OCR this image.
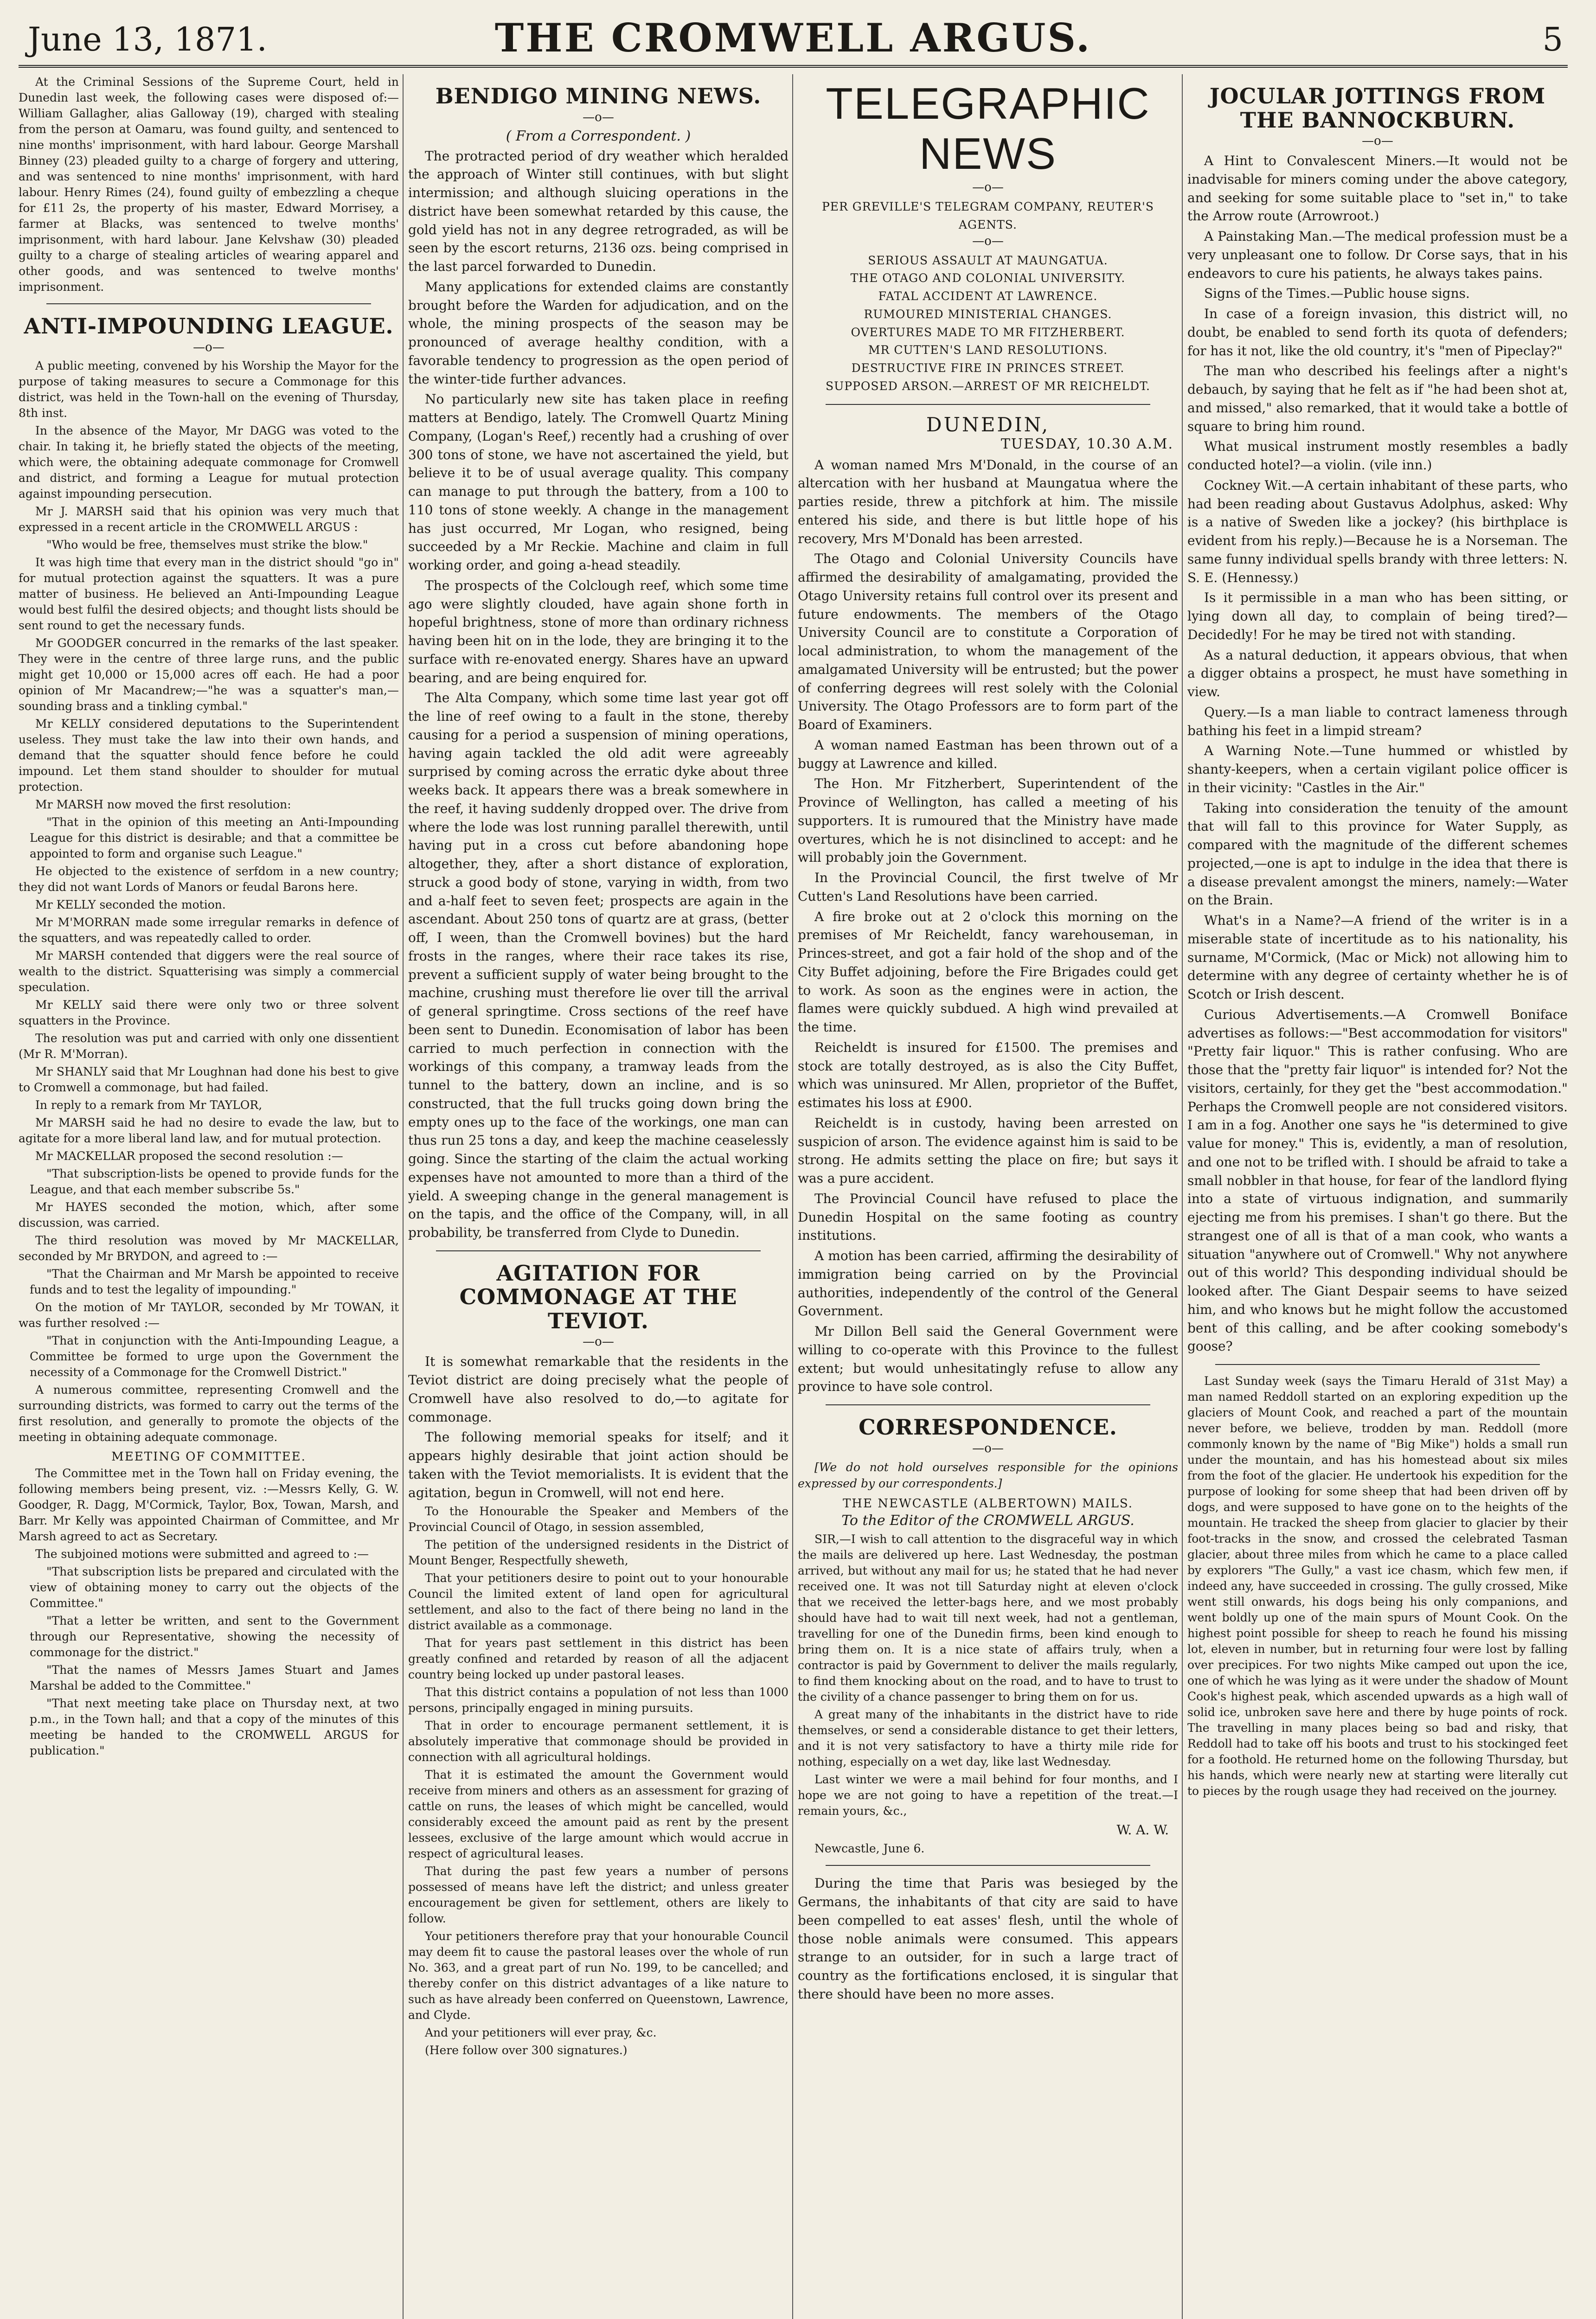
June 13, 1871.	THE CROMWELL ARGUS.	5

At the Criminal Sessions of the Supreme Court, held in Dunedin last week, the following cases were disposed of:—William Gallagher, alias Galloway (19), charged with stealing from the person at Oamaru, was found guilty, and sentenced to nine months' imprisonment, with hard labour. George Marshall Binney (23) pleaded guilty to a charge of forgery and uttering, and was sentenced to nine months' imprisonment, with hard labour. Henry Rimes (24), found guilty of embezzling a cheque for £11 2s, the property of his master, Edward Morrisey, a farmer at Blacks, was sentenced to twelve months' imprisonment, with hard labour. Jane Kelvshaw (30) pleaded guilty to a charge of stealing articles of wearing apparel and other goods, and was sentenced to twelve months' imprisonment.

ANTI-IMPOUNDING LEAGUE.
—o—

A public meeting, convened by his Worship the Mayor for the purpose of taking measures to secure a Commonage for this district, was held in the Town-hall on the evening of Thursday, 8th inst.

In the absence of the Mayor, Mr DAGG was voted to the chair. In taking it, he briefly stated the objects of the meeting, which were, the obtaining adequate commonage for Cromwell and district, and forming a League for mutual protection against impounding persecution.

Mr J. MARSH said that his opinion was very much that expressed in a recent article in the CROMWELL ARGUS :

"Who would be free, themselves must strike the blow."

It was high time that every man in the district should "go in" for mutual protection against the squatters. It was a pure matter of business. He believed an Anti-Impounding League would best fulfil the desired objects; and thought lists should be sent round to get the necessary funds.

Mr GOODGER concurred in the remarks of the last speaker. They were in the centre of three large runs, and the public might get 10,000 or 15,000 acres off each. He had a poor opinion of Mr Macandrew;—"he was a squatter's man,—sounding brass and a tinkling cymbal."

Mr KELLY considered deputations to the Superintendent useless. They must take the law into their own hands, and demand that the squatter should fence before he could impound. Let them stand shoulder to shoulder for mutual protection.

Mr MARSH now moved the first resolution:

"That in the opinion of this meeting an Anti-Impounding League for this district is desirable; and that a committee be appointed to form and organise such League."

He objected to the existence of serfdom in a new country; they did not want Lords of Manors or feudal Barons here.

Mr KELLY seconded the motion.

Mr M'MORRAN made some irregular remarks in defence of the squatters, and was repeatedly called to order.

Mr MARSH contended that diggers were the real source of wealth to the district. Squatterising was simply a commercial speculation.

Mr KELLY said there were only two or three solvent squatters in the Province.

The resolution was put and carried with only one dissentient (Mr R. M'Morran).

Mr SHANLY said that Mr Loughnan had done his best to give to Cromwell a commonage, but had failed.

In reply to a remark from Mr TAYLOR,

Mr MARSH said he had no desire to evade the law, but to agitate for a more liberal land law, and for mutual protection.

Mr MACKELLAR proposed the second resolution :—

"That subscription-lists be opened to provide funds for the League, and that each member subscribe 5s."

Mr HAYES seconded the motion, which, after some discussion, was carried.

The third resolution was moved by Mr MACKELLAR, seconded by Mr BRYDON, and agreed to :—

"That the Chairman and Mr Marsh be appointed to receive funds and to test the legality of impounding."

On the motion of Mr TAYLOR, seconded by Mr TOWAN, it was further resolved :—

"That in conjunction with the Anti-Impounding League, a Committee be formed to urge upon the Government the necessity of a Commonage for the Cromwell District."

A numerous committee, representing Cromwell and the surrounding districts, was formed to carry out the terms of the first resolution, and generally to promote the objects of the meeting in obtaining adequate commonage.

MEETING OF COMMITTEE.

The Committee met in the Town hall on Friday evening, the following members being present, viz. :—Messrs Kelly, G. W. Goodger, R. Dagg, M'Cormick, Taylor, Box, Towan, Marsh, and Barr. Mr Kelly was appointed Chairman of Committee, and Mr Marsh agreed to act as Secretary.

The subjoined motions were submitted and agreed to :—

"That subscription lists be prepared and circulated with the view of obtaining money to carry out the objects of the Committee."

"That a letter be written, and sent to the Government through our Representative, showing the necessity of commonage for the district."

"That the names of Messrs James Stuart and James Marshal be added to the Committee."

"That next meeting take place on Thursday next, at two p.m., in the Town hall; and that a copy of the minutes of this meeting be handed to the CROMWELL ARGUS for publication."

BENDIGO MINING NEWS.
—o—
( From a Correspondent. )

The protracted period of dry weather which heralded the approach of Winter still continues, with but slight intermission; and although sluicing operations in the district have been somewhat retarded by this cause, the gold yield has not in any degree retrograded, as will be seen by the escort returns, 2136 ozs. being comprised in the last parcel forwarded to Dunedin.

Many applications for extended claims are constantly brought before the Warden for adjudication, and on the whole, the mining prospects of the season may be pronounced of average healthy condition, with a favorable tendency to progression as the open period of the winter-tide further advances.

No particularly new site has taken place in reefing matters at Bendigo, lately. The Cromwell Quartz Mining Company, (Logan's Reef,) recently had a crushing of over 300 tons of stone, we have not ascertained the yield, but believe it to be of usual average quality. This company can manage to put through the battery, from a 100 to 110 tons of stone weekly. A change in the management has just occurred, Mr Logan, who resigned, being succeeded by a Mr Reckie. Machine and claim in full working order, and going a-head steadily.

The prospects of the Colclough reef, which some time ago were slightly clouded, have again shone forth in hopeful brightness, stone of more than ordinary richness having been hit on in the lode, they are bringing it to the surface with re-enovated energy. Shares have an upward bearing, and are being enquired for.

The Alta Company, which some time last year got off the line of reef owing to a fault in the stone, thereby causing for a period a suspension of mining operations, having again tackled the old adit were agreeably surprised by coming across the erratic dyke about three weeks back. It appears there was a break somewhere in the reef, it having suddenly dropped over. The drive from where the lode was lost running parallel therewith, until having put in a cross cut before abandoning hope altogether, they, after a short distance of exploration, struck a good body of stone, varying in width, from two and a-half feet to seven feet; prospects are again in the ascendant. About 250 tons of quartz are at grass, (better off, I ween, than the Cromwell bovines) but the hard frosts in the ranges, where their race takes its rise, prevent a sufficient supply of water being brought to the machine, crushing must therefore lie over till the arrival of general springtime. Cross sections of the reef have been sent to Dunedin. Economisation of labor has been carried to much perfection in connection with the workings of this company, a tramway leads from the tunnel to the battery, down an incline, and is so constructed, that the full trucks going down bring the empty ones up to the face of the workings, one man can thus run 25 tons a day, and keep the machine ceaselessly going. Since the starting of the claim the actual working expenses have not amounted to more than a third of the yield. A sweeping change in the general management is on the tapis, and the office of the Company, will, in all probability, be transferred from Clyde to Dunedin.

AGITATION FOR COMMONAGE AT THE TEVIOT.
—o—

It is somewhat remarkable that the residents in the Teviot district are doing precisely what the people of Cromwell have also resolved to do,—to agitate for commonage.

The following memorial speaks for itself; and it appears highly desirable that joint action should be taken with the Teviot memorialists. It is evident that the agitation, begun in Cromwell, will not end here.

To the Honourable the Speaker and Members of the Provincial Council of Otago, in session assembled,

The petition of the undersigned residents in the District of Mount Benger, Respectfully sheweth,

That your petitioners desire to point out to your honourable Council the limited extent of land open for agricultural settlement, and also to the fact of there being no land in the district available as a commonage.

That for years past settlement in this district has been greatly confined and retarded by reason of all the adjacent country being locked up under pastoral leases.

That this district contains a population of not less than 1000 persons, principally engaged in mining pursuits.

That in order to encourage permanent settlement, it is absolutely imperative that commonage should be provided in connection with all agricultural holdings.

That it is estimated the amount the Government would receive from miners and others as an assessment for grazing of cattle on runs, the leases of which might be cancelled, would considerably exceed the amount paid as rent by the present lessees, exclusive of the large amount which would accrue in respect of agricultural leases.

That during the past few years a number of persons possessed of means have left the district; and unless greater encouragement be given for settlement, others are likely to follow.

Your petitioners therefore pray that your honourable Council may deem fit to cause the pastoral leases over the whole of run No. 363, and a great part of run No. 199, to be cancelled; and thereby confer on this district advantages of a like nature to such as have already been conferred on Queenstown, Lawrence, and Clyde.

And your petitioners will ever pray, &c.

(Here follow over 300 signatures.)

TELEGRAPHIC NEWS
—o—
PER GREVILLE'S TELEGRAM COMPANY, REUTER'S AGENTS.
—o—
SERIOUS ASSAULT AT MAUNGATUA.
THE OTAGO AND COLONIAL UNIVERSITY.
FATAL ACCIDENT AT LAWRENCE.
RUMOURED MINISTERIAL CHANGES.
OVERTURES MADE TO MR FITZHERBERT.
MR CUTTEN'S LAND RESOLUTIONS.
DESTRUCTIVE FIRE IN PRINCES STREET.
SUPPOSED ARSON.—ARREST OF MR REICHELDT.
DUNEDIN,
TUESDAY, 10.30 A.M.

A woman named Mrs M'Donald, in the course of an altercation with her husband at Maungatua where the parties reside, threw a pitchfork at him. The missile entered his side, and there is but little hope of his recovery, Mrs M'Donald has been arrested.

The Otago and Colonial University Councils have affirmed the desirability of amalgamating, provided the Otago University retains full control over its present and future endowments. The members of the Otago University Council are to constitute a Corporation of local administration, to whom the management of the amalgamated University will be entrusted; but the power of conferring degrees will rest solely with the Colonial University. The Otago Professors are to form part of the Board of Examiners.

A woman named Eastman has been thrown out of a buggy at Lawrence and killed.

The Hon. Mr Fitzherbert, Superintendent of the Province of Wellington, has called a meeting of his supporters. It is rumoured that the Ministry have made overtures, which he is not disinclined to accept: and he will probably join the Government.

In the Provincial Council, the first twelve of Mr Cutten's Land Resolutions have been carried.

A fire broke out at 2 o'clock this morning on the premises of Mr Reicheldt, fancy warehouseman, in Princes-street, and got a fair hold of the shop and of the City Buffet adjoining, before the Fire Brigades could get to work. As soon as the engines were in action, the flames were quickly subdued. A high wind prevailed at the time.

Reicheldt is insured for £1500. The premises and stock are totally destroyed, as is also the City Buffet, which was uninsured. Mr Allen, proprietor of the Buffet, estimates his loss at £900.

Reicheldt is in custody, having been arrested on suspicion of arson. The evidence against him is said to be strong. He admits setting the place on fire; but says it was a pure accident.

The Provincial Council have refused to place the Dunedin Hospital on the same footing as country institutions.

A motion has been carried, affirming the desirability of immigration being carried on by the Provincial authorities, independently of the control of the General Government.

Mr Dillon Bell said the General Government were willing to co-operate with this Province to the fullest extent; but would unhesitatingly refuse to allow any province to have sole control.

CORRESPONDENCE.
—o—

[We do not hold ourselves responsible for the opinions expressed by our correspondents.]

THE NEWCASTLE (ALBERTOWN) MAILS.
To the Editor of the CROMWELL ARGUS.

SIR,—I wish to call attention to the disgraceful way in which the mails are delivered up here. Last Wednesday, the postman arrived, but without any mail for us; he stated that he had never received one. It was not till Saturday night at eleven o'clock that we received the letter-bags here, and we most probably should have had to wait till next week, had not a gentleman, travelling for one of the Dunedin firms, been kind enough to bring them on. It is a nice state of affairs truly, when a contractor is paid by Government to deliver the mails regularly, to find them knocking about on the road, and to have to trust to the civility of a chance passenger to bring them on for us.

A great many of the inhabitants in the district have to ride themselves, or send a considerable distance to get their letters, and it is not very satisfactory to have a thirty mile ride for nothing, especially on a wet day, like last Wednesday.

Last winter we were a mail behind for four months, and I hope we are not going to have a repetition of the treat.—I remain yours, &c.,

W. A. W.

Newcastle, June 6.

During the time that Paris was besieged by the Germans, the inhabitants of that city are said to have been compelled to eat asses' flesh, until the whole of those noble animals were consumed. This appears strange to an outsider, for in such a large tract of country as the fortifications enclosed, it is singular that there should have been no more asses.

JOCULAR JOTTINGS FROM THE BANNOCKBURN.
—o—

A Hint to Convalescent Miners.—It would not be inadvisable for miners coming under the above category, and seeking for some suitable place to "set in," to take the Arrow route (Arrowroot.)

A Painstaking Man.—The medical profession must be a very unpleasant one to follow. Dr Corse says, that in his endeavors to cure his patients, he always takes pains.

Signs of the Times.—Public house signs.

In case of a foreign invasion, this district will, no doubt, be enabled to send forth its quota of defenders; for has it not, like the old country, it's "men of Pipeclay?"

The man who described his feelings after a night's debauch, by saying that he felt as if "he had been shot at, and missed," also remarked, that it would take a bottle of square to bring him round.

What musical instrument mostly resembles a badly conducted hotel?—a violin. (vile inn.)

Cockney Wit.—A certain inhabitant of these parts, who had been reading about Gustavus Adolphus, asked: Why is a native of Sweden like a jockey? (his birthplace is evident from his reply.)—Because he is a Norseman. The same funny individual spells brandy with three letters: N. S. E. (Hennessy.)

Is it permissible in a man who has been sitting, or lying down all day, to complain of being tired?—Decidedly! For he may be tired not with standing.

As a natural deduction, it appears obvious, that when a digger obtains a prospect, he must have something in view.

Query.—Is a man liable to contract lameness through bathing his feet in a limpid stream?

A Warning Note.—Tune hummed or whistled by shanty-keepers, when a certain vigilant police officer is in their vicinity: "Castles in the Air."

Taking into consideration the tenuity of the amount that will fall to this province for Water Supply, as compared with the magnitude of the different schemes projected,—one is apt to indulge in the idea that there is a disease prevalent amongst the miners, namely:—Water on the Brain.

What's in a Name?—A friend of the writer is in a miserable state of incertitude as to his nationality, his surname, M'Cormick, (Mac or Mick) not allowing him to determine with any degree of certainty whether he is of Scotch or Irish descent.

Curious Advertisements.—A Cromwell Boniface advertises as follows:—"Best accommodation for visitors" "Pretty fair liquor." This is rather confusing. Who are those that the "pretty fair liquor" is intended for? Not the visitors, certainly, for they get the "best accommodation." Perhaps the Cromwell people are not considered visitors. I am in a fog. Another one says he "is determined to give value for money." This is, evidently, a man of resolution, and one not to be trifled with. I should be afraid to take a small nobbler in that house, for fear of the landlord flying into a state of virtuous indignation, and summarily ejecting me from his premises. I shan't go there. But the strangest one of all is that of a man cook, who wants a situation "anywhere out of Cromwell." Why not anywhere out of this world? This desponding individual should be looked after. The Giant Despair seems to have seized him, and who knows but he might follow the accustomed bent of this calling, and be after cooking somebody's goose?

Last Sunday week (says the Timaru Herald of 31st May) a man named Reddoll started on an exploring expedition up the glaciers of Mount Cook, and reached a part of the mountain never before, we believe, trodden by man. Reddoll (more commonly known by the name of "Big Mike") holds a small run under the mountain, and has his homestead about six miles from the foot of the glacier. He undertook his expedition for the purpose of looking for some sheep that had been driven off by dogs, and were supposed to have gone on to the heights of the mountain. He tracked the sheep from glacier to glacier by their foot-tracks in the snow, and crossed the celebrated Tasman glacier, about three miles from which he came to a place called by explorers "The Gully," a vast ice chasm, which few men, if indeed any, have succeeded in crossing. The gully crossed, Mike went still onwards, his dogs being his only companions, and went boldly up one of the main spurs of Mount Cook. On the highest point possible for sheep to reach he found his missing lot, eleven in number, but in returning four were lost by falling over precipices. For two nights Mike camped out upon the ice, one of which he was lying as it were under the shadow of Mount Cook's highest peak, which ascended upwards as a high wall of solid ice, unbroken save here and there by huge points of rock. The travelling in many places being so bad and risky, that Reddoll had to take off his boots and trust to his stockinged feet for a foothold. He returned home on the following Thursday, but his hands, which were nearly new at starting were literally cut to pieces by the rough usage they had received on the journey.
